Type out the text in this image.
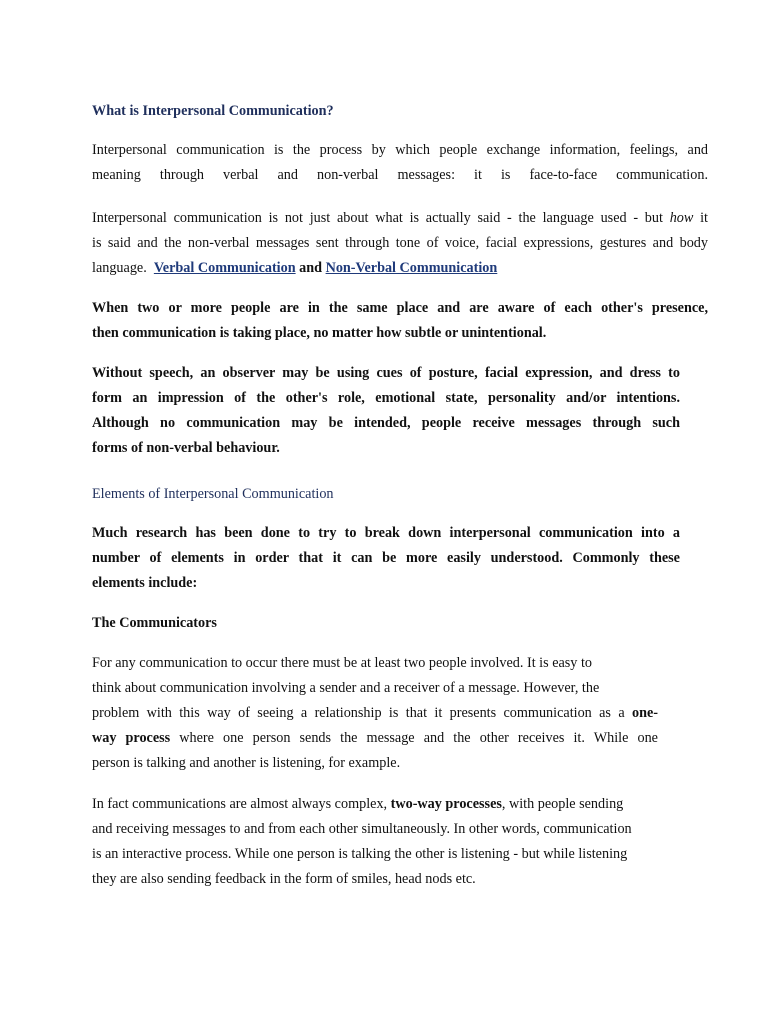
What is Interpersonal Communication?

Interpersonal communication is the process by which people exchange information, feelings, and
meaning through verbal and non-verbal messages: it is face-to-face communication.
Interpersonal communication is not just about what is actually said - the language used - but how it
is said and the non-verbal messages sent through tone of voice, facial expressions, gestures and body
language. Verbal Communication and Non-Verbal Communication
When two or more people are in the same place and are aware of each other's presence,
then communication is taking place, no matter how subtle or unintentional.
Without speech, an observer may be using cues of posture, facial expression, and dress to
form an impression of the other's role, emotional state, personality and/or intentions.
Although no communication may be intended, people receive messages through such
forms of non-verbal behaviour.

Elements of Interpersonal Communication

Much research has been done to try to break down interpersonal communication into a
number of elements in order that it can be more easily understood. Commonly these
elements include:

The Communicators

For any communication to occur there must be at least two people involved. It is easy to
think about communication involving a sender and a receiver of a message. However, the
problem with this way of seeing a relationship is that it presents communication as a one-
way process where one person sends the message and the other receives it. While one
person is talking and another is listening, for example.
In fact communications are almost always complex, two-way processes, with people sending
and receiving messages to and from each other simultaneously. In other words, communication
is an interactive process. While one person is talking the other is listening - but while listening
they are also sending feedback in the form of smiles, head nods etc.
